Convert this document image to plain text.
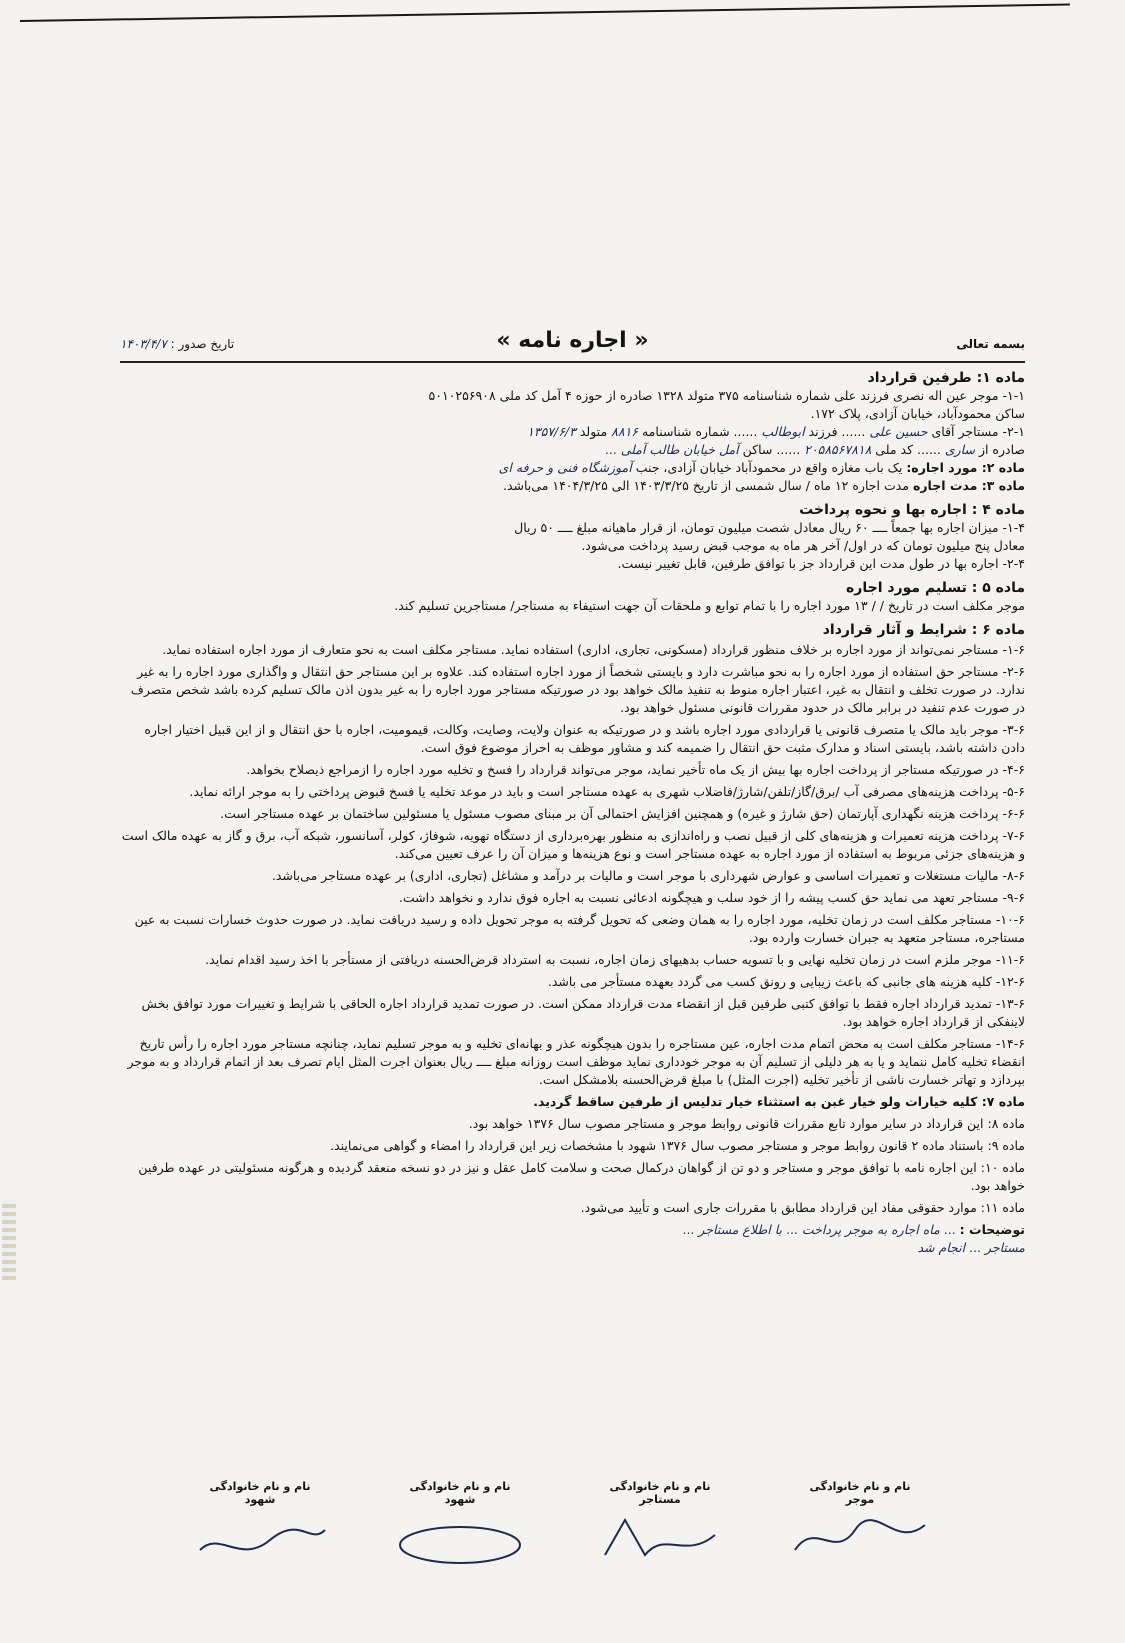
بسمه تعالی
« اجاره نامه »
تاریخ صدور : ۱۴۰۳/۴/۷
ماده ۱: طرفین قرارداد
۱-۱- موجر عین اله نصری فرزند علی شماره شناسنامه ۳۷۵ متولد ۱۳۲۸ صادره از حوزه ۴ آمل کد ملی ۵۰۱۰۲۵۶۹۰۸
ساکن محمودآباد، خیابان آزادی، پلاک ۱۷۲.
۲-۱- مستاجر آقای حسین علی ...... فرزند ابوطالب ...... شماره شناسنامه ۸۸۱۶ متولد ۱۳۵۷/۶/۳
صادره از ساری ...... کد ملی ۲۰۵۸۵۶۷۸۱۸ ...... ساکن آمل خیابان طالب آملی ...
ماده ۲: مورد اجاره: یک باب مغازه واقع در محمودآباد خیابان آزادی، جنب آموزشگاه فنی و حرفه ای
ماده ۳: مدت اجاره مدت اجاره ۱۲ ماه / سال شمسی از تاریخ ۱۴۰۳/۳/۲۵ الی ۱۴۰۴/۳/۲۵ می‌باشد.
ماده ۴ : اجاره بها و نحوه پرداخت
۱-۴- میزان اجاره بها جمعاً ــــ ۶۰ ریال معادل شصت میلیون تومان، از قرار ماهیانه مبلغ ــــ ۵۰ ریال
معادل پنج میلیون تومان که در اول/ آخر هر ماه به موجب قبض رسید پرداخت می‌شود.
۲-۴- اجاره بها در طول مدت این قرارداد جز با توافق طرفین، قابل تغییر نیست.
ماده ۵ : تسلیم مورد اجاره
موجر مکلف است در تاریخ / / ۱۳ مورد اجاره را با تمام توابع و ملحقات آن جهت استیفاء به مستاجر/ مستاجرین تسلیم کند.
ماده ۶ : شرایط و آثار قرارداد
۱-۶- مستاجر نمی‌تواند از مورد اجاره بر خلاف منظور قرارداد (مسکونی، تجاری، اداری) استفاده نماید. مستاجر مکلف است به نحو متعارف از مورد اجاره استفاده نماید.
۲-۶- مستاجر حق استفاده از مورد اجاره را به نحو مباشرت دارد و بایستی شخصاً از مورد اجاره استفاده کند. علاوه بر این مستاجر حق انتقال و واگذاری مورد اجاره را به غیر ندارد. در صورت تخلف و انتقال به غیر، اعتبار اجاره منوط به تنفیذ مالک خواهد بود در صورتیکه مستاجر مورد اجاره را به غیر بدون اذن مالک تسلیم کرده باشد شخص متصرف در صورت عدم تنفید در برابر مالک در حدود مقررات قانونی مسئول خواهد بود.
۳-۶- موجر باید مالک یا متصرف قانونی یا قراردادی مورد اجاره باشد و در صورتیکه به عنوان ولایت، وصایت، وکالت، قیمومیت، اجاره با حق انتقال و از این قبیل اختیار اجاره دادن داشته باشد، بایستی اسناد و مدارک مثبت حق انتقال را ضمیمه کند و مشاور موظف به احراز موضوع فوق است.
۴-۶- در صورتیکه مستاجر از پرداخت اجاره بها بیش از یک ماه تأخیر نماید، موجر می‌تواند قرارداد را فسخ و تخلیه مورد اجاره را ازمراجع ذیصلاح بخواهد.
۵-۶- پرداخت هزینه‌های مصرفی آب /برق/گاز/تلفن/شارژ/فاضلاب شهری به عهده مستاجر است و باید در موعد تخلیه یا فسخ قبوض پرداختی را به موجر ارائه نماید.
۶-۶- پرداخت هزینه نگهداری آپارتمان (حق شارژ و غیره) و همچنین افزایش احتمالی آن بر مبنای مصوب مسئول یا مسئولین ساختمان بر عهده مستاجر است.
۷-۶- پرداخت هزینه تعمیرات و هزینه‌های کلی از قبیل نصب و راه‌اندازی به منظور بهره‌برداری از دستگاه تهویه، شوفاژ، کولر، آسانسور، شبکه آب، برق و گاز به عهده مالک است و هزینه‌های جزئی مربوط به استفاده از مورد اجاره به عهده مستاجر است و نوع هزینه‌ها و میزان آن را عرف تعیین می‌کند.
۸-۶- مالیات مستغلات و تعمیرات اساسی و عوارض شهرداری با موجر است و مالیات بر درآمد و مشاغل (تجاری، اداری) بر عهده مستاجر می‌باشد.
۹-۶- مستاجر تعهد می نماید حق کسب پیشه را از خود سلب و هیچگونه ادعائی نسبت به اجاره فوق ندارد و نخواهد داشت.
۱۰-۶- مستاجر مکلف است در زمان تخلیه، مورد اجاره را به همان وضعی که تحویل گرفته به موجر تحویل داده و رسید دریافت نماید. در صورت حدوث خسارات نسبت به عین مستاجره، مستاجر متعهد به جبران خسارت وارده بود.
۱۱-۶- موجر ملزم است در زمان تخلیه نهایی و با تسویه حساب بدهیهای زمان اجاره، نسبت به استرداد قرض‌الحسنه دریافتی از مستأجر با اخذ رسید اقدام نماید.
۱۲-۶- کلیه هزینه های جانبی که باعث زیبایی و رونق کسب می گردد بعهده مستأجر می باشد.
۱۳-۶- تمدید قرارداد اجاره فقط با توافق کتبی طرفین قبل از انقضاء مدت قرارداد ممکن است. در صورت تمدید قرارداد اجاره الحاقی با شرایط و تغییرات مورد توافق بخش لاینفکی از قرارداد اجاره خواهد بود.
۱۴-۶- مستاجر مکلف است به محض اتمام مدت اجاره، عین مستاجره را بدون هیچگونه عذر و بهانه‌ای تخلیه و به موجر تسلیم نماید، چنانچه مستاجر مورد اجاره را رأس تاریخ انقضاء تخلیه کامل ننماید و یا به هر دلیلی از تسلیم آن به موجر خودداری نماید موظف است روزانه مبلغ ــــ ریال بعنوان اجرت المثل ایام تصرف بعد از اتمام قرارداد و به موجر بپردازد و تهاتر خسارت ناشی از تأخیر تخلیه (اجرت المثل) با مبلغ قرض‌الحسنه بلامشکل است.
ماده ۷: کلیه خیارات ولو خیار غبن به استثناء خیار تدلیس از طرفین ساقط گردید.
ماده ۸: این قرارداد در سایر موارد تابع مقررات قانونی روابط موجر و مستاجر مصوب سال ۱۳۷۶ خواهد بود.
ماده ۹: باستناد ماده ۲ قانون روابط موجر و مستاجر مصوب سال ۱۳۷۶ شهود با مشخصات زیر این قرارداد را امضاء و گواهی می‌نمایند.
ماده ۱۰: این اجاره نامه با توافق موجر و مستاجر و دو تن از گواهان درکمال صحت و سلامت کامل عقل و نیز در دو نسخه منعقد گردیده و هرگونه مسئولیتی در عهده طرفین خواهد بود.
ماده ۱۱: موارد حقوقی مفاد این قرارداد مطابق با مقررات جاری است و تأیید می‌شود.
توضیحات : ... ماه اجاره به موجر پرداخت ... با اطلاع مستاجر ...
مستاجر ... انجام شد
نام و نام خانوادگی
موجر
نام و نام خانوادگی
مستاجر
نام و نام خانوادگی
شهود
نام و نام خانوادگی
شهود
